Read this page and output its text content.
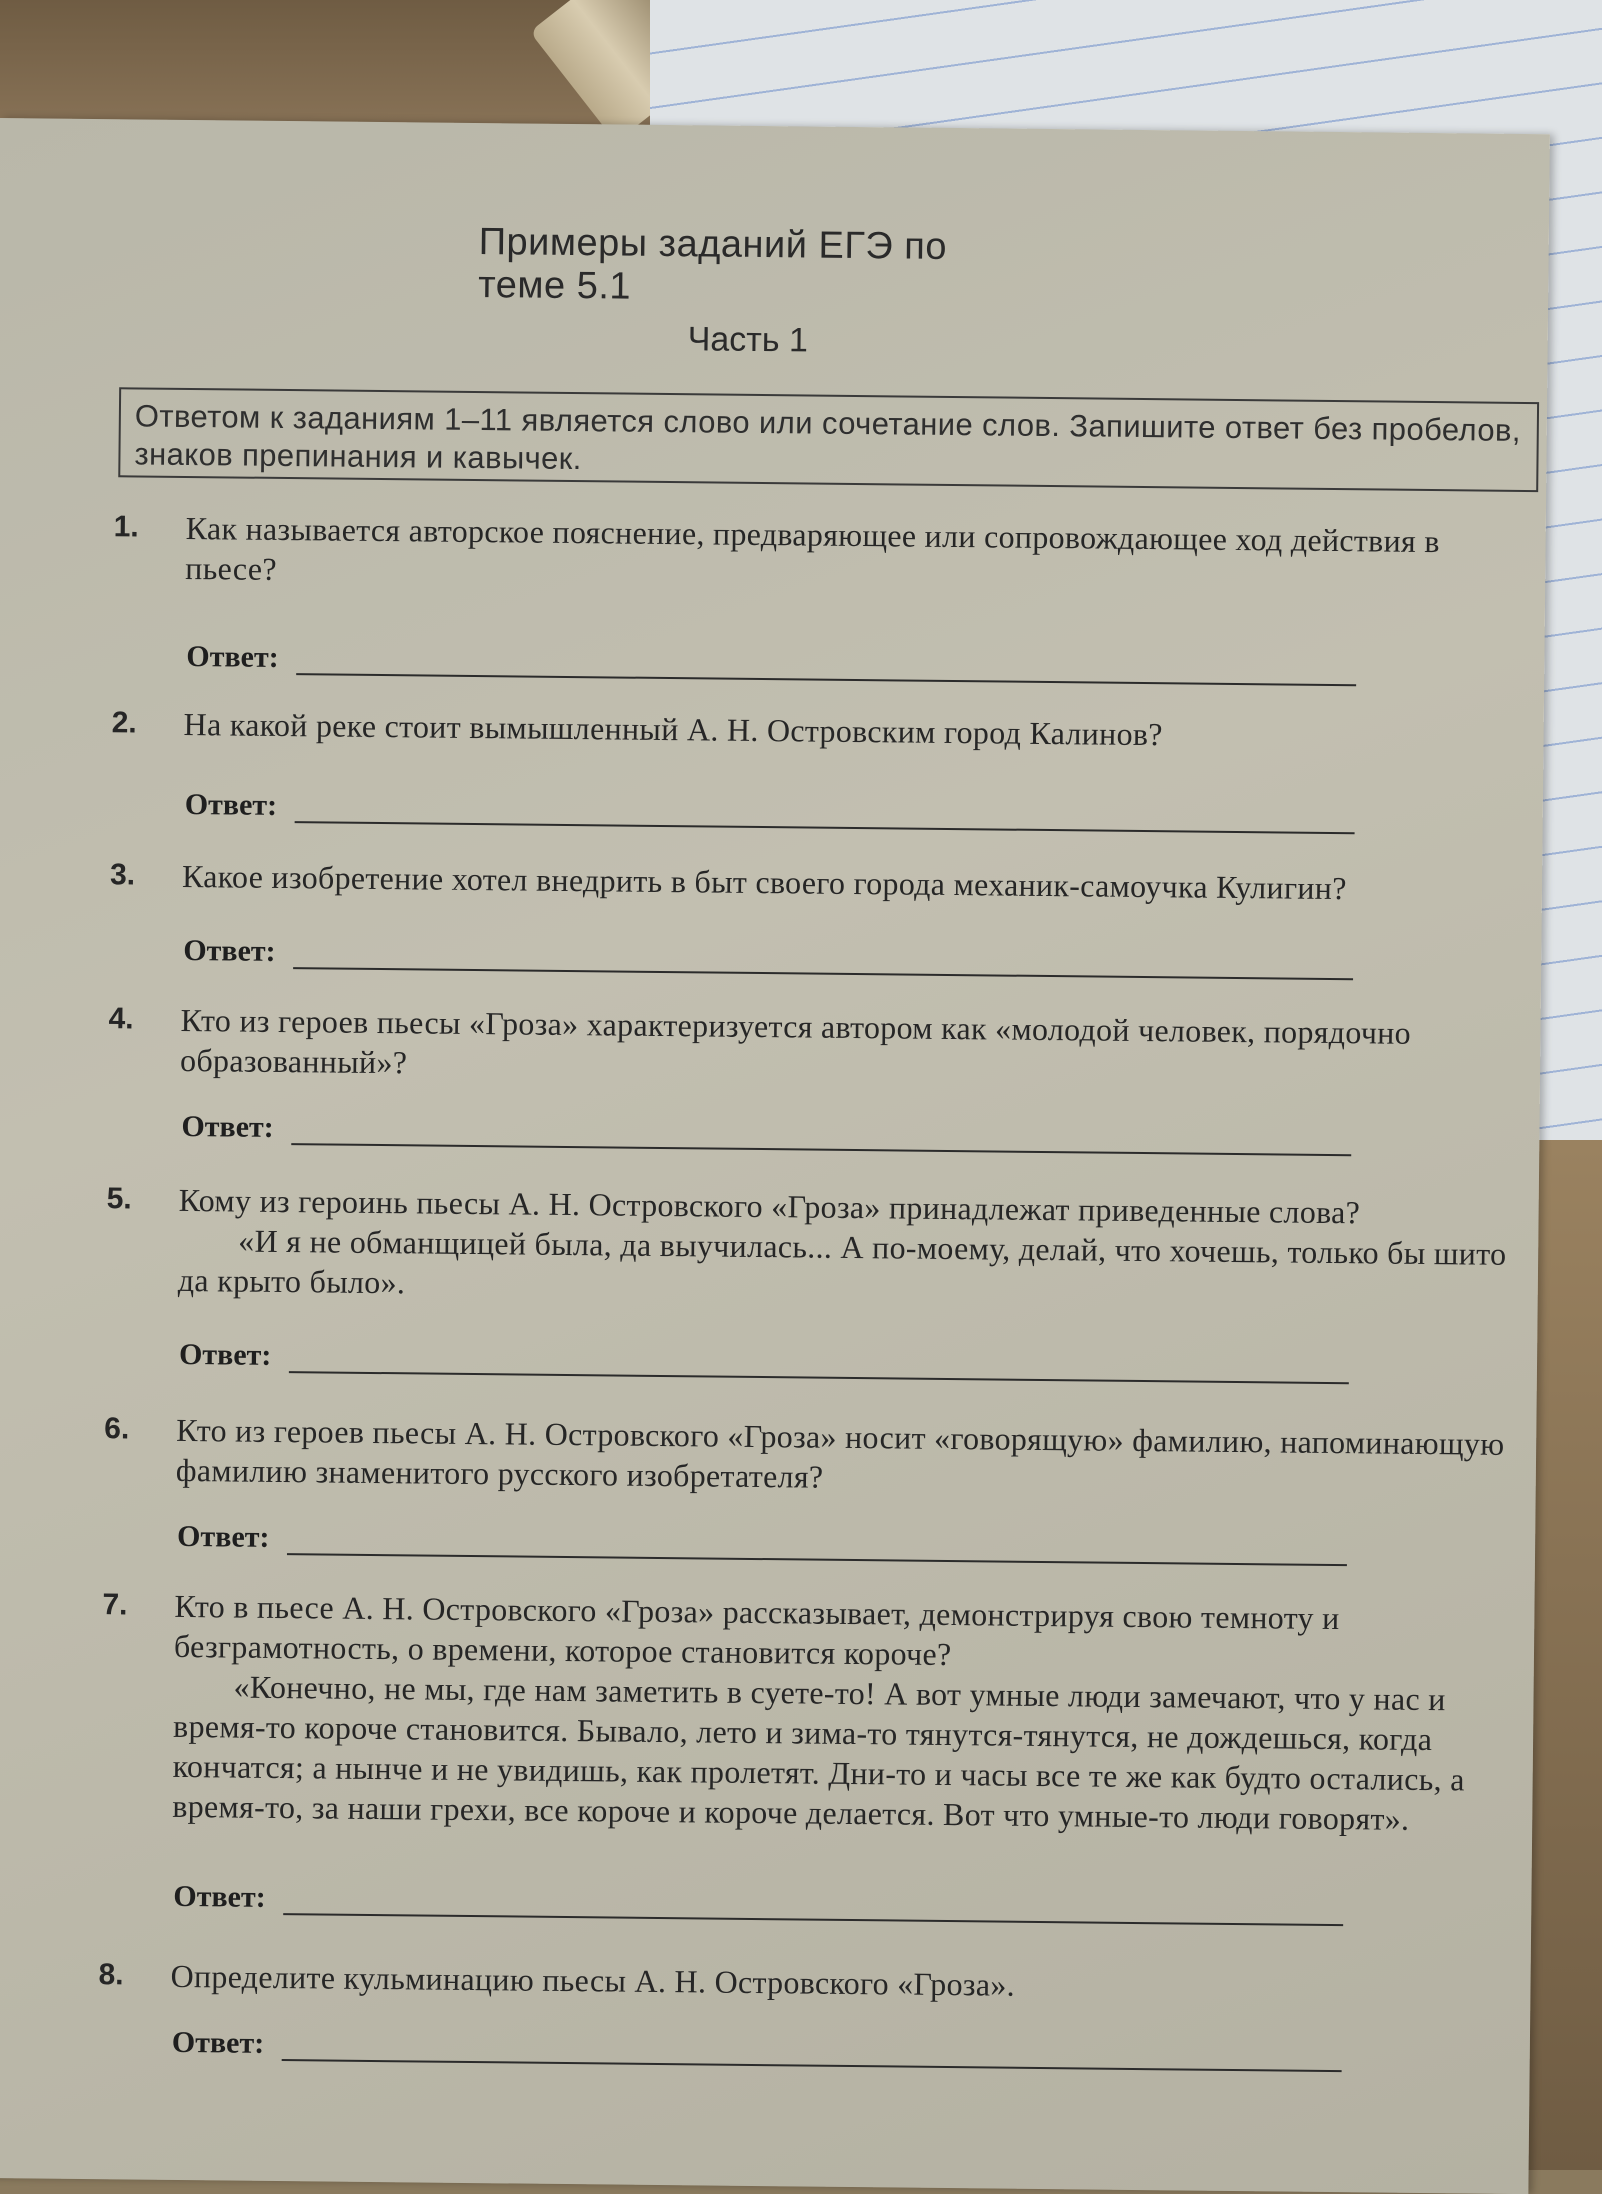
Примеры заданий ЕГЭ по теме 5.1
Часть 1
Ответом к заданиям 1–11 является слово или сочетание слов. Запишите ответ без пробелов, знаков препинания и кавычек.
1. Как называется авторское пояснение, предваряющее или сопровождающее ход действия в пьесе?
Ответ:
2. На какой реке стоит вымышленный А. Н. Островским город Калинов?
Ответ:
3. Какое изобретение хотел внедрить в быт своего города механик-самоучка Кулигин?
Ответ:
4. Кто из героев пьесы «Гроза» характеризуется автором как «молодой человек, порядочно образованный»?
Ответ:
5. Кому из героинь пьесы А. Н. Островского «Гроза» принадлежат приведенные слова?
«И я не обманщицей была, да выучилась... А по-моему, делай, что хочешь, только бы шито да крыто было».
Ответ:
6. Кто из героев пьесы А. Н. Островского «Гроза» носит «говорящую» фамилию, напоминающую фамилию знаменитого русского изобретателя?
Ответ:
7. Кто в пьесе А. Н. Островского «Гроза» рассказывает, демонстрируя свою темноту и безграмотность, о времени, которое становится короче?
«Конечно, не мы, где нам заметить в суете-то! А вот умные люди замечают, что у нас и время-то короче становится. Бывало, лето и зима-то тянутся-тянутся, не дождешься, когда кончатся; а нынче и не увидишь, как пролетят. Дни-то и часы все те же как будто остались, а время-то, за наши грехи, все короче и короче делается. Вот что умные-то люди говорят».
Ответ:
8. Определите кульминацию пьесы А. Н. Островского «Гроза».
Ответ:
